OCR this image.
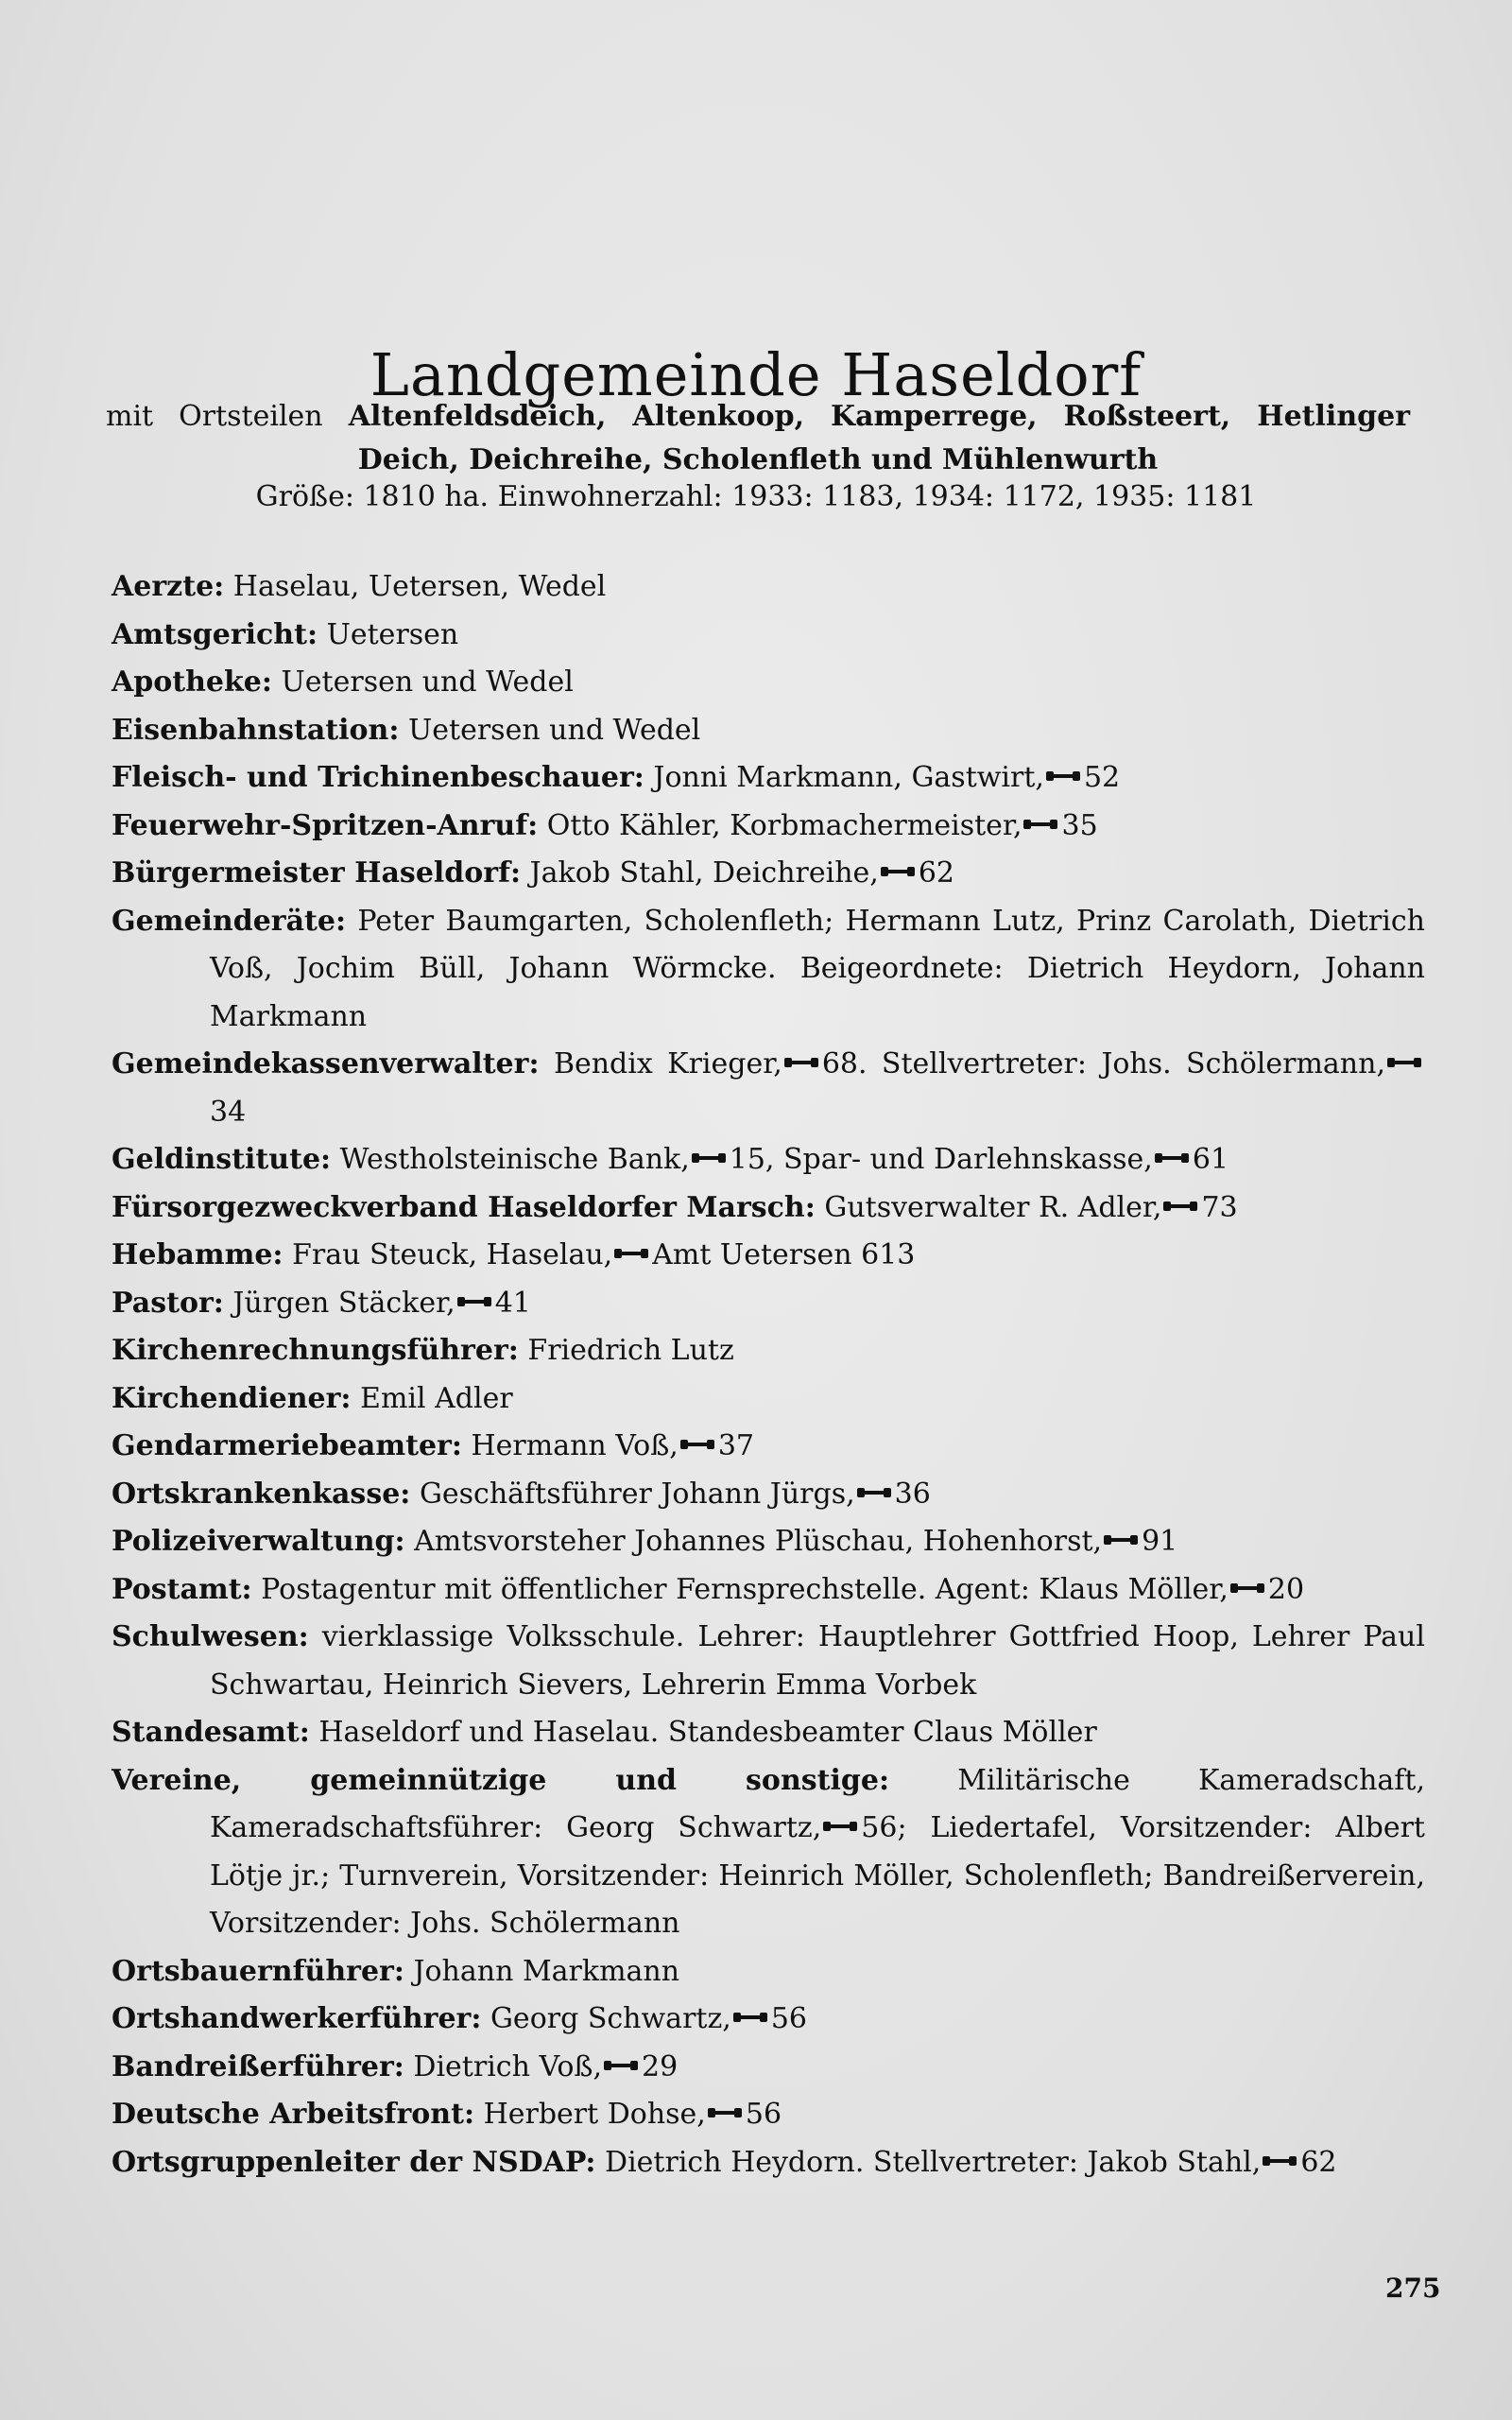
Landgemeinde Haseldorf
mit Ortsteilen Altenfeldsdeich, Altenkoop, Kamperrege, Roßsteert, Hetlinger Deich, Deichreihe, Scholenfleth und Mühlenwurth
Größe: 1810 ha. Einwohnerzahl: 1933: 1183, 1934: 1172, 1935: 1181
Aerzte: Haselau, Uetersen, Wedel
Amtsgericht: Uetersen
Apotheke: Uetersen und Wedel
Eisenbahnstation: Uetersen und Wedel
Fleisch- und Trichinenbeschauer: Jonni Markmann, Gastwirt, 52
Feuerwehr-Spritzen-Anruf: Otto Kähler, Korbmachermeister, 35
Bürgermeister Haseldorf: Jakob Stahl, Deichreihe, 62
Gemeinderäte: Peter Baumgarten, Scholenfleth; Hermann Lutz, Prinz Carolath, Dietrich Voß, Jochim Büll, Johann Wörmcke. Beigeordnete: Dietrich Heydorn, Johann Markmann
Gemeindekassenverwalter: Bendix Krieger, 68. Stellvertreter: Johs. Schölermann,
34
Geldinstitute: Westholsteinische Bank, 15, Spar- und Darlehnskasse, 61
Fürsorgezweckverband Haseldorfer Marsch: Gutsverwalter R. Adler, 73
Hebamme: Frau Steuck, Haselau, Amt Uetersen 613
Pastor: Jürgen Stäcker, 41
Kirchenrechnungsführer: Friedrich Lutz
Kirchendiener: Emil Adler
Gendarmeriebeamter: Hermann Voß, 37
Ortskrankenkasse: Geschäftsführer Johann Jürgs, 36
Polizeiverwaltung: Amtsvorsteher Johannes Plüschau, Hohenhorst, 91
Postamt: Postagentur mit öffentlicher Fernsprechstelle. Agent: Klaus Möller, 20
Schulwesen: vierklassige Volksschule. Lehrer: Hauptlehrer Gottfried Hoop, Lehrer Paul Schwartau, Heinrich Sievers, Lehrerin Emma Vorbek
Standesamt: Haseldorf und Haselau. Standesbeamter Claus Möller
Vereine, gemeinnützige und sonstige: Militärische Kameradschaft, Kameradschaftsführer: Georg Schwartz, 56; Liedertafel, Vorsitzender: Albert Lötje jr.; Turnverein, Vorsitzender: Heinrich Möller, Scholenfleth; Bandreißerverein, Vorsitzender: Johs. Schölermann
Ortsbauernführer: Johann Markmann
Ortshandwerkerführer: Georg Schwartz, 56
Bandreißerführer: Dietrich Voß, 29
Deutsche Arbeitsfront: Herbert Dohse, 56
Ortsgruppenleiter der NSDAP: Dietrich Heydorn. Stellvertreter: Jakob Stahl, 62
275
